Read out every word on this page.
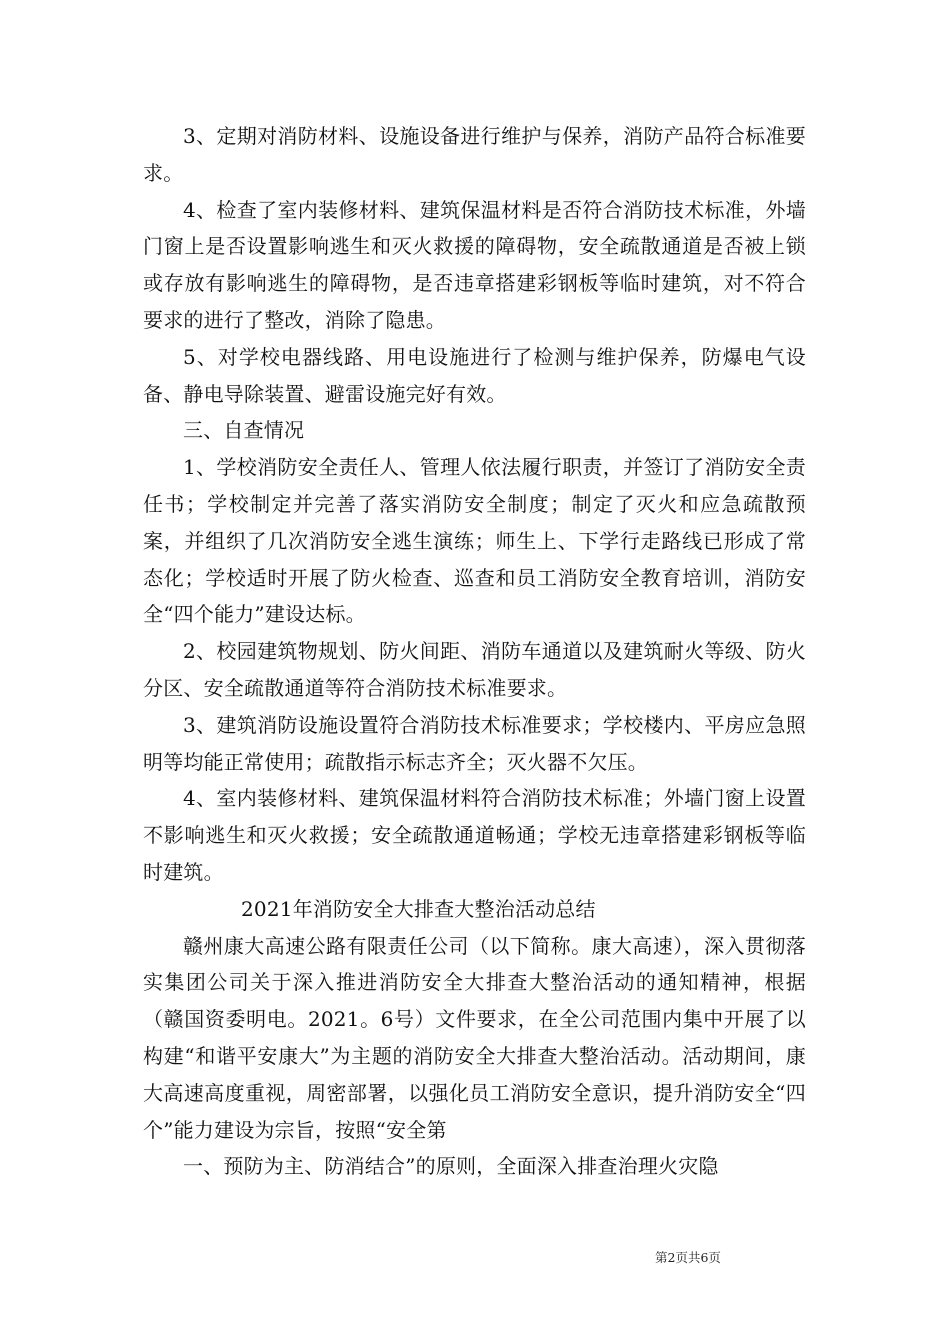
3、定期对消防材料、设施设备进行维护与保养，消防产品符合标准要求。

4、检查了室内装修材料、建筑保温材料是否符合消防技术标准，外墙门窗上是否设置影响逃生和灭火救援的障碍物，安全疏散通道是否被上锁或存放有影响逃生的障碍物，是否违章搭建彩钢板等临时建筑，对不符合要求的进行了整改，消除了隐患。

5、对学校电器线路、用电设施进行了检测与维护保养，防爆电气设备、静电导除装置、避雷设施完好有效。

三、自查情况

1、学校消防安全责任人、管理人依法履行职责，并签订了消防安全责任书；学校制定并完善了落实消防安全制度；制定了灭火和应急疏散预案，并组织了几次消防安全逃生演练；师生上、下学行走路线已形成了常态化；学校适时开展了防火检查、巡查和员工消防安全教育培训，消防安全“四个能力”建设达标。

2、校园建筑物规划、防火间距、消防车通道以及建筑耐火等级、防火分区、安全疏散通道等符合消防技术标准要求。

3、建筑消防设施设置符合消防技术标准要求；学校楼内、平房应急照明等均能正常使用；疏散指示标志齐全；灭火器不欠压。

4、室内装修材料、建筑保温材料符合消防技术标准；外墙门窗上设置不影响逃生和灭火救援；安全疏散通道畅通；学校无违章搭建彩钢板等临时建筑。

2021年消防安全大排查大整治活动总结

赣州康大高速公路有限责任公司（以下简称。康大高速），深入贯彻落实集团公司关于深入推进消防安全大排查大整治活动的通知精神，根据（赣国资委明电。2021。6号）文件要求，在全公司范围内集中开展了以构建“和谐平安康大”为主题的消防安全大排查大整治活动。活动期间，康大高速高度重视，周密部署，以强化员工消防安全意识，提升消防安全“四个”能力建设为宗旨，按照“安全第

一、预防为主、防消结合”的原则，全面深入排查治理火灾隐

第2页共6页
